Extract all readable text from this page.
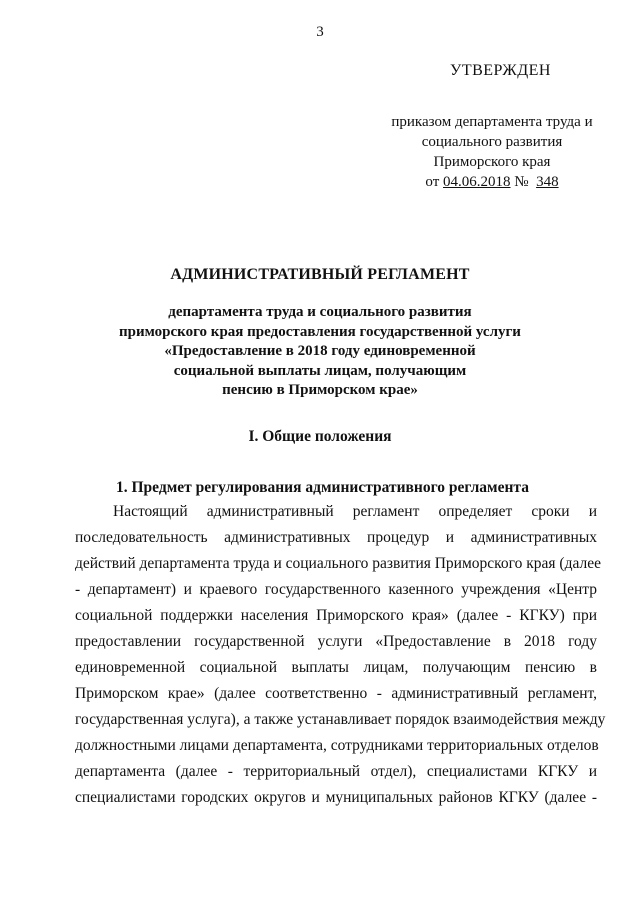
3
УТВЕРЖДЕН
приказом департамента труда и
социального развития
Приморского края
от 04.06.2018 № 348
АДМИНИСТРАТИВНЫЙ РЕГЛАМЕНТ
департамента труда и социального развития
приморского края предоставления государственной услуги
«Предоставление в 2018 году единовременной
социальной выплаты лицам, получающим
пенсию в Приморском крае»
I. Общие положения
1. Предмет регулирования административного регламента
Настоящий административный регламент определяет сроки и
последовательность административных процедур и административных
действий департамента труда и социального развития Приморского края (далее
- департамент) и краевого государственного казенного учреждения «Центр
социальной поддержки населения Приморского края» (далее - КГКУ) при
предоставлении государственной услуги «Предоставление в 2018 году
единовременной социальной выплаты лицам, получающим пенсию в
Приморском крае» (далее соответственно - административный регламент,
государственная услуга), а также устанавливает порядок взаимодействия между
должностными лицами департамента, сотрудниками территориальных отделов
департамента (далее - территориальный отдел), специалистами КГКУ и
специалистами городских округов и муниципальных районов КГКУ (далее -
